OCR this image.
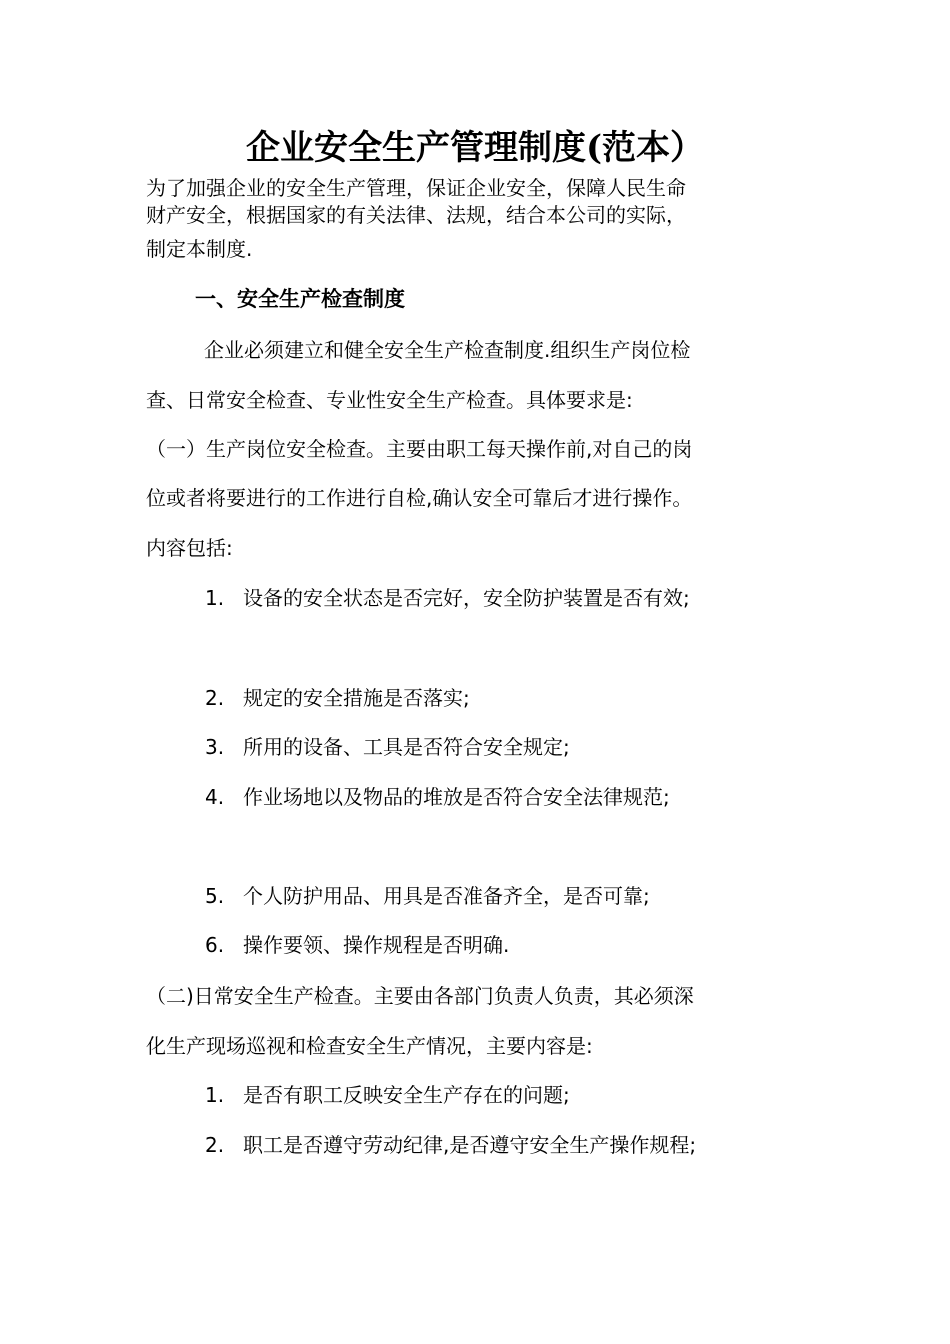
企业安全生产管理制度(范本）
为了加强企业的安全生产管理，保证企业安全，保障人民生命
财产安全，根据国家的有关法律、法规，结合本公司的实际，
制定本制度.
一、安全生产检查制度
企业必须建立和健全安全生产检查制度.组织生产岗位检
查、日常安全检查、专业性安全生产检查。具体要求是:
（一）生产岗位安全检查。主要由职工每天操作前,对自己的岗
位或者将要进行的工作进行自检,确认安全可靠后才进行操作。
内容包括:
1. 设备的安全状态是否完好，安全防护装置是否有效;
2. 规定的安全措施是否落实;
3. 所用的设备、工具是否符合安全规定;
4. 作业场地以及物品的堆放是否符合安全法律规范;
5. 个人防护用品、用具是否准备齐全，是否可靠;
6. 操作要领、操作规程是否明确.
（二)日常安全生产检查。主要由各部门负责人负责，其必须深
化生产现场巡视和检查安全生产情况，主要内容是:
1. 是否有职工反映安全生产存在的问题;
2. 职工是否遵守劳动纪律,是否遵守安全生产操作规程;
